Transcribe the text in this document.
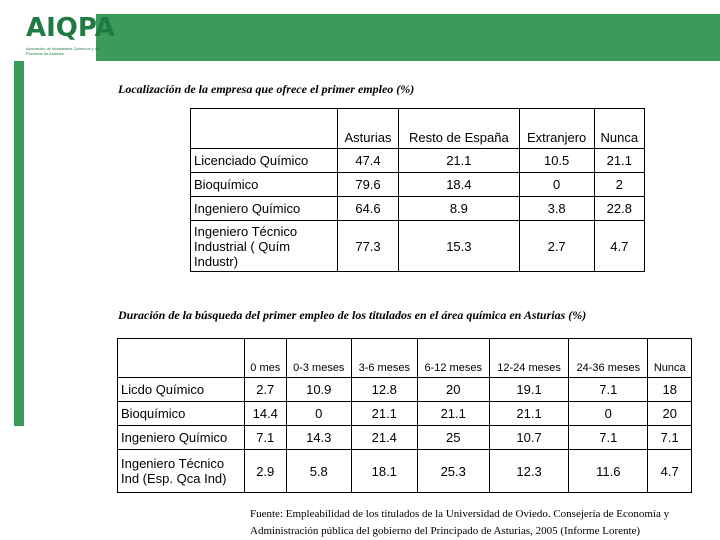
AIQPA
Asociación de Industriales Químicos y de Procesos de Asturias
Localización de la empresa que ofrece el primer empleo (%)
	Asturias	Resto de España	Extranjero	Nunca
Licenciado Químico	47.4	21.1	10.5	21.1
Bioquímico	79.6	18.4	0	2
Ingeniero Químico	64.6	8.9	3.8	22.8
Ingeniero Técnico Industrial ( Quím Industr)	77.3	15.3	2.7	4.7
Duración de la búsqueda del primer empleo de los titulados en el área química en Asturias (%)
	0 mes	0-3 meses	3-6 meses	6-12 meses	12-24 meses	24-36 meses	Nunca
Licdo Químico	2.7	10.9	12.8	20	19.1	7.1	18
Bioquímico	14.4	0	21.1	21.1	21.1	0	20
Ingeniero Químico	7.1	14.3	21.4	25	10.7	7.1	7.1
Ingeniero Técnico Ind (Esp. Qca Ind)	2.9	5.8	18.1	25.3	12.3	11.6	4.7
Fuente: Empleabilidad de los titulados de la Universidad de Oviedo. Consejería de Economía y Administración pública del gobierno del Principado de Asturias, 2005 (Informe Lorente)
